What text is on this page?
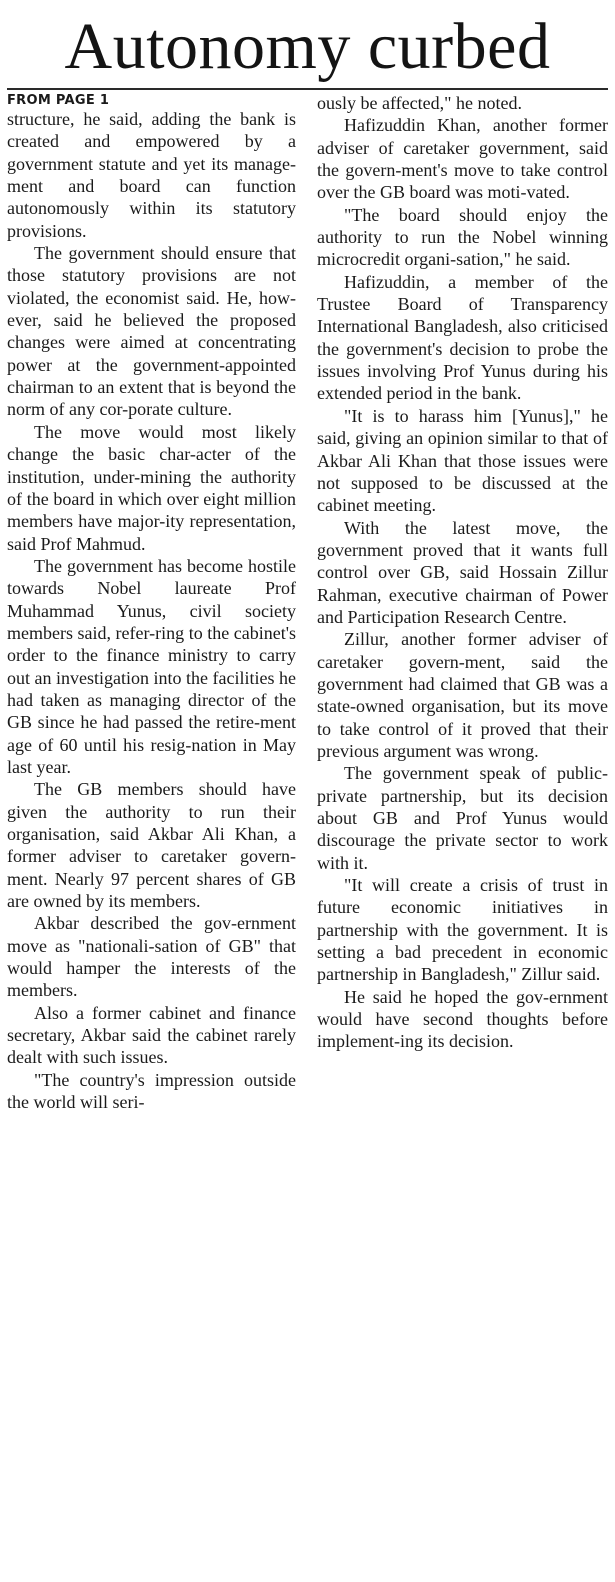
Autonomy curbed
FROM PAGE 1

structure, he said, adding the bank is created and empowered by a government statute and yet its manage-ment and board can function autonomously within its statutory provisions.

The government should ensure that those statutory provisions are not violated, the economist said. He, how-ever, said he believed the proposed changes were aimed at concentrating power at the government-appointed chairman to an extent that is beyond the norm of any cor-porate culture.

The move would most likely change the basic char-acter of the institution, under-mining the authority of the board in which over eight million members have major-ity representation, said Prof Mahmud.

The government has become hostile towards Nobel laureate Prof Muhammad Yunus, civil society members said, refer-ring to the cabinet's order to the finance ministry to carry out an investigation into the facilities he had taken as managing director of the GB since he had passed the retire-ment age of 60 until his resig-nation in May last year.

The GB members should have given the authority to run their organisation, said Akbar Ali Khan, a former adviser to caretaker govern-ment. Nearly 97 percent shares of GB are owned by its members.

Akbar described the gov-ernment move as "nationali-sation of GB" that would hamper the interests of the members.

Also a former cabinet and finance secretary, Akbar said the cabinet rarely dealt with such issues.

"The country's impression outside the world will seri-

ously be affected," he noted.

Hafizuddin Khan, another former adviser of caretaker government, said the govern-ment's move to take control over the GB board was moti-vated.

"The board should enjoy the authority to run the Nobel winning microcredit organi-sation," he said.

Hafizuddin, a member of the Trustee Board of Transparency International Bangladesh, also criticised the government's decision to probe the issues involving Prof Yunus during his extended period in the bank.

"It is to harass him [Yunus]," he said, giving an opinion similar to that of Akbar Ali Khan that those issues were not supposed to be discussed at the cabinet meeting.

With the latest move, the government proved that it wants full control over GB, said Hossain Zillur Rahman, executive chairman of Power and Participation Research Centre.

Zillur, another former adviser of caretaker govern-ment, said the government had claimed that GB was a state-owned organisation, but its move to take control of it proved that their previous argument was wrong.

The government speak of public-private partnership, but its decision about GB and Prof Yunus would discourage the private sector to work with it.

"It will create a crisis of trust in future economic initiatives in partnership with the government. It is setting a bad precedent in economic partnership in Bangladesh," Zillur said.

He said he hoped the gov-ernment would have second thoughts before implement-ing its decision.
